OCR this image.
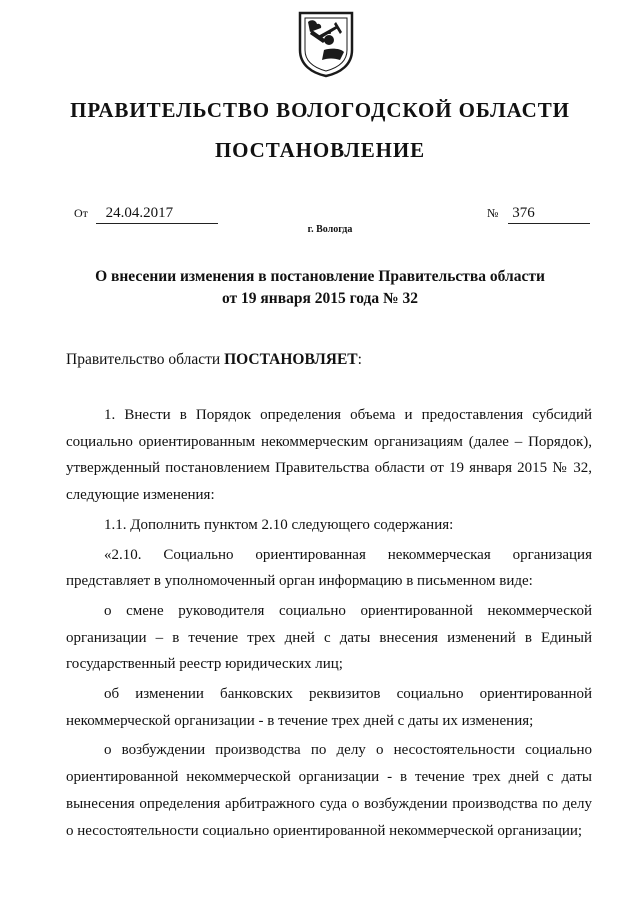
ПРАВИТЕЛЬСТВО ВОЛОГОДСКОЙ ОБЛАСТИ
ПОСТАНОВЛЕНИЕ
От 24.04.2017	№ 376
г. Вологда
О внесении изменения в постановление Правительства области
от 19 января 2015 года № 32
Правительство области ПОСТАНОВЛЯЕТ:

1. Внести в Порядок определения объема и предоставления субсидий социально ориентированным некоммерческим организациям (далее – Порядок), утвержденный постановлением Правительства области от 19 января 2015 № 32, следующие изменения:

1.1. Дополнить пунктом 2.10 следующего содержания:

«2.10. Социально ориентированная некоммерческая организация представляет в уполномоченный орган информацию в письменном виде:

о смене руководителя социально ориентированной некоммерческой организации – в течение трех дней с даты внесения изменений в Единый государственный реестр юридических лиц;

об изменении банковских реквизитов социально ориентированной некоммерческой организации - в течение трех дней с даты их изменения;

о возбуждении производства по делу о несостоятельности социально ориентированной некоммерческой организации - в течение трех дней с даты вынесения определения арбитражного суда о возбуждении производства по делу о несостоятельности социально ориентированной некоммерческой организации;
